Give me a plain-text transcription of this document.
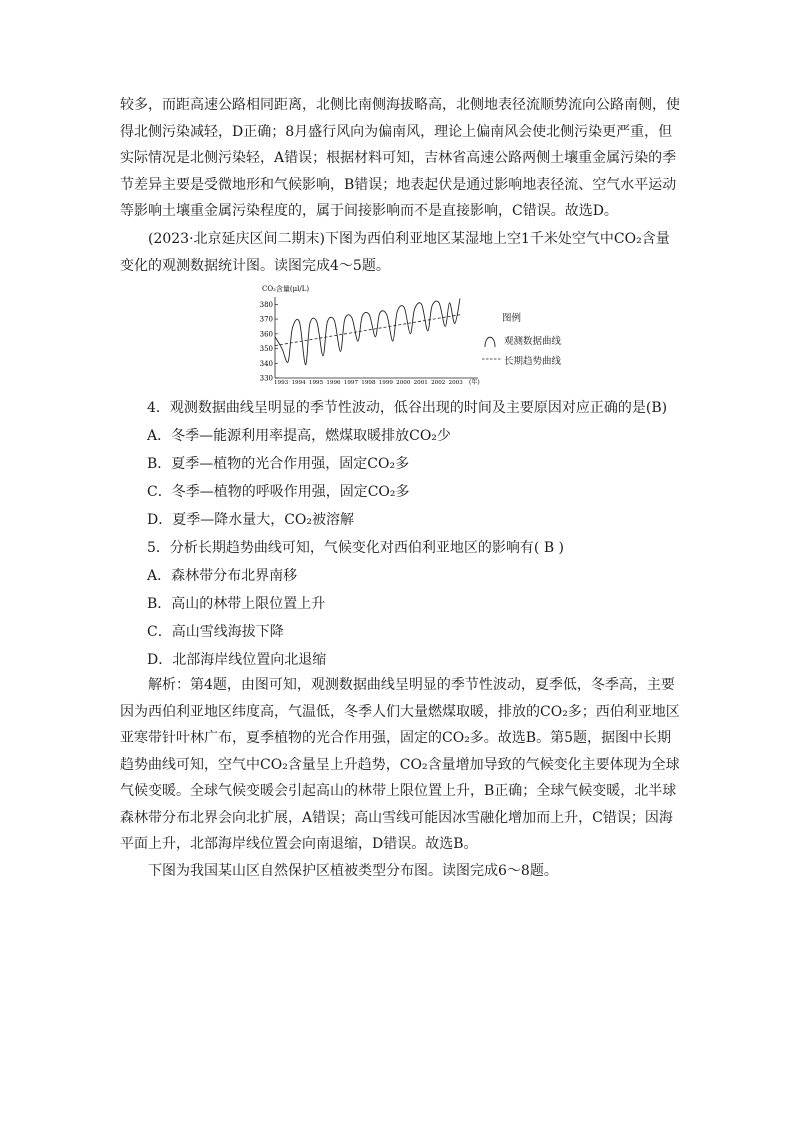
较多，而距高速公路相同距离，北侧比南侧海拔略高，北侧地表径流顺势流向公路南侧，使得北侧污染减轻，D正确；8月盛行风向为偏南风，理论上偏南风会使北侧污染更严重，但实际情况是北侧污染轻，A错误；根据材料可知，吉林省高速公路两侧土壤重金属污染的季节差异主要是受微地形和气候影响，B错误；地表起伏是通过影响地表径流、空气水平运动等影响土壤重金属污染程度的，属于间接影响而不是直接影响，C错误。故选D。

(2023·北京延庆区间二期末)下图为西伯利亚地区某湿地上空1千米处空气中CO₂含量变化的观测数据统计图。读图完成4～5题。

CO₂含量(μl/L)
330
340
350
360
370
380
1993 1994 1995 1996 1997 1998 1999 2000 2001 2002 2003 (年)
图例
观测数据曲线
长期趋势曲线

4．观测数据曲线呈明显的季节性波动，低谷出现的时间及主要原因对应正确的是(B)

A．冬季—能源利用率提高，燃煤取暖排放CO₂少

B．夏季—植物的光合作用强，固定CO₂多

C．冬季—植物的呼吸作用强，固定CO₂多

D．夏季—降水量大，CO₂被溶解

5．分析长期趋势曲线可知，气候变化对西伯利亚地区的影响有( B )

A．森林带分布北界南移

B．高山的林带上限位置上升

C．高山雪线海拔下降

D．北部海岸线位置向北退缩

解析：第4题，由图可知，观测数据曲线呈明显的季节性波动，夏季低，冬季高，主要因为西伯利亚地区纬度高，气温低，冬季人们大量燃煤取暖，排放的CO₂多；西伯利亚地区亚寒带针叶林广布，夏季植物的光合作用强，固定的CO₂多。故选B。第5题，据图中长期趋势曲线可知，空气中CO₂含量呈上升趋势，CO₂含量增加导致的气候变化主要体现为全球气候变暖。全球气候变暖会引起高山的林带上限位置上升，B正确；全球气候变暖，北半球森林带分布北界会向北扩展，A错误；高山雪线可能因冰雪融化增加而上升，C错误；因海平面上升，北部海岸线位置会向南退缩，D错误。故选B。

下图为我国某山区自然保护区植被类型分布图。读图完成6～8题。
